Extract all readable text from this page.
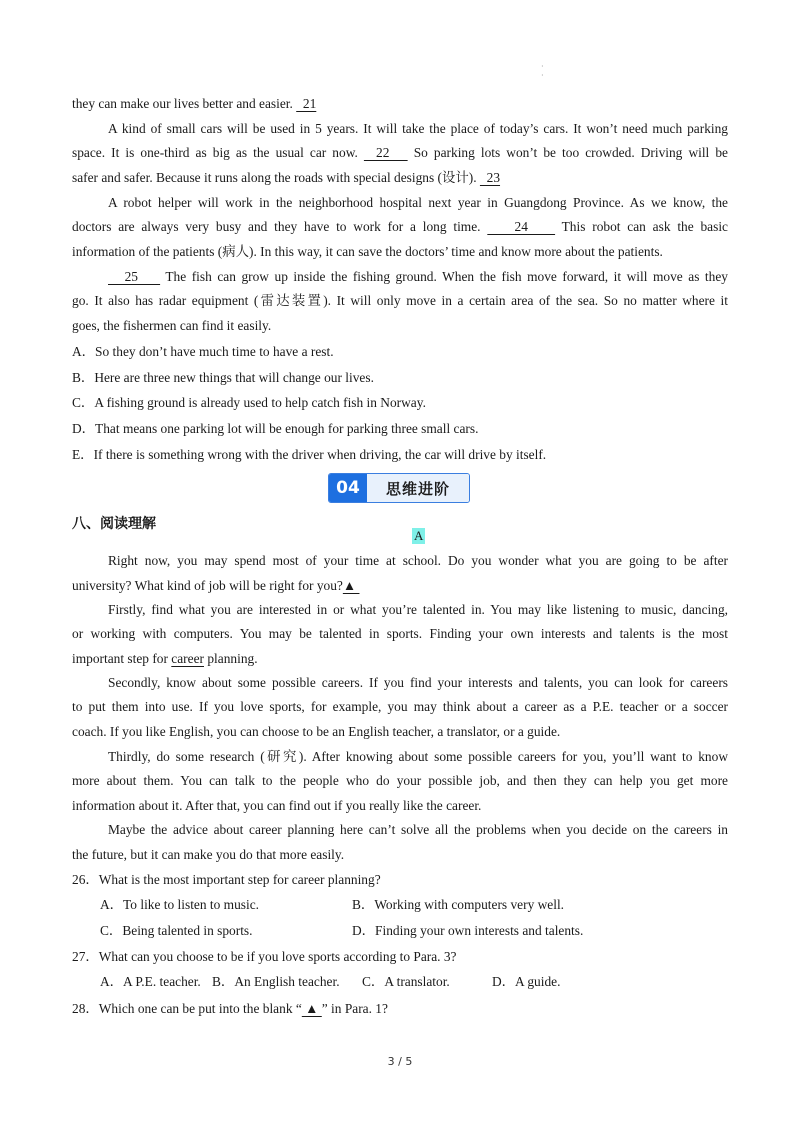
·
·
they can make our lives better and easier.   21
A kind of small cars will be used in 5 years. It will take the place of today’s cars. It won’t need much parking
space. It is one-third as big as the usual car now.   22    So parking lots won’t be too crowded. Driving will be
safer and safer. Because it runs along the roads with special designs (设计).   23
A robot helper will work in the neighborhood hospital next year in Guangdong Province. As we know, the
doctors are always very busy and they have to work for a long time.     24     This robot can ask the basic
information of the patients (病人). In this way, it can save the doctors’ time and know more about the patients.
25     The fish can grow up inside the fishing ground. When the fish move forward, it will move as they
go. It also has radar equipment (雷达装置). It will only move in a certain area of the sea. So no matter where it
goes, the fishermen can find it easily.
A．So they don’t have much time to have a rest.
B．Here are three new things that will change our lives.
C．A fishing ground is already used to help catch fish in Norway.
D．That means one parking lot will be enough for parking three small cars.
E．If there is something wrong with the driver when driving, the car will drive by itself.
04	思维进阶
八、阅读理解
A
Right now, you may spend most of your time at school. Do you wonder what you are going to be after
university? What kind of job will be right for you?▲
Firstly, find what you are interested in or what you’re talented in. You may like listening to music, dancing,
or working with computers. You may be talented in sports. Finding your own interests and talents is the most
important step for career planning.
Secondly, know about some possible careers. If you find your interests and talents, you can look for careers
to put them into use. If you love sports, for example, you may think about a career as a P.E. teacher or a soccer
coach. If you like English, you can choose to be an English teacher, a translator, or a guide.
Thirdly, do some research (研究). After knowing about some possible careers for you, you’ll want to know
more about them. You can talk to the people who do your possible job, and then they can help you get more
information about it. After that, you can find out if you really like the career.
Maybe the advice about career planning here can’t solve all the problems when you decide on the careers in
the future, but it can make you do that more easily.
26．What is the most important step for career planning?
A．To like to listen to music.	B．Working with computers very well.
C．Being talented in sports.	D．Finding your own interests and talents.
27．What can you choose to be if you love sports according to Para. 3?
A．A P.E. teacher. B．An English teacher. C．A translator.	D．A guide.
28．Which one can be put into the blank “ ▲ ” in Para. 1?
3 / 5
